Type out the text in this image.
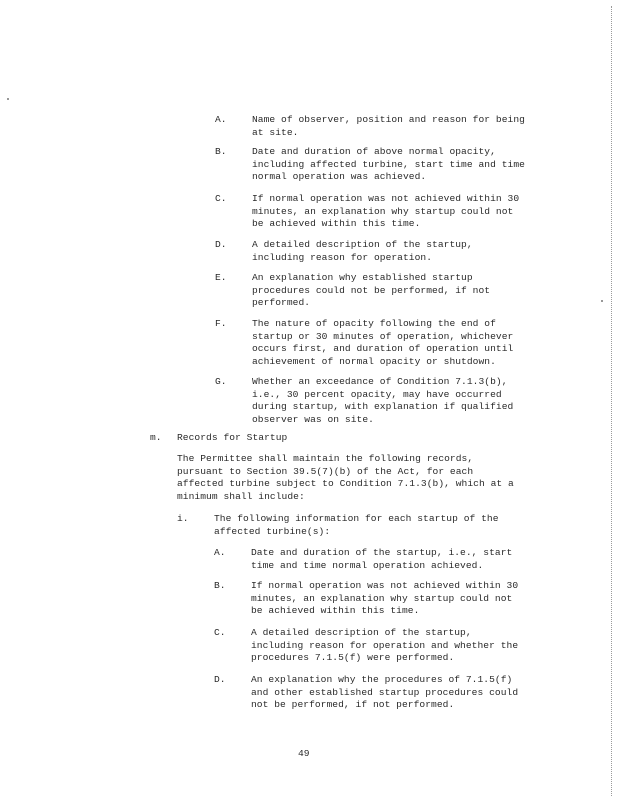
A.	Name of observer, position and reason for being
at site.
B.	Date and duration of above normal opacity,
including affected turbine, start time and time
normal operation was achieved.
C.	If normal operation was not achieved within 30
minutes, an explanation why startup could not
be achieved within this time.
D.	A detailed description of the startup,
including reason for operation.
E.	An explanation why established startup
procedures could not be performed, if not
performed.
F.	The nature of opacity following the end of
startup or 30 minutes of operation, whichever
occurs first, and duration of operation until
achievement of normal opacity or shutdown.
G.	Whether an exceedance of Condition 7.1.3(b),
i.e., 30 percent opacity, may have occurred
during startup, with explanation if qualified
observer was on site.
m. Records for Startup
The Permittee shall maintain the following records,
pursuant to Section 39.5(7)(b) of the Act, for each
affected turbine subject to Condition 7.1.3(b), which at a
minimum shall include:
i.	The following information for each startup of the
affected turbine(s):
A.	Date and duration of the startup, i.e., start
time and time normal operation achieved.
B.	If normal operation was not achieved within 30
minutes, an explanation why startup could not
be achieved within this time.
C.	A detailed description of the startup,
including reason for operation and whether the
procedures 7.1.5(f) were performed.
D.	An explanation why the procedures of 7.1.5(f)
and other established startup procedures could
not be performed, if not performed.
49
